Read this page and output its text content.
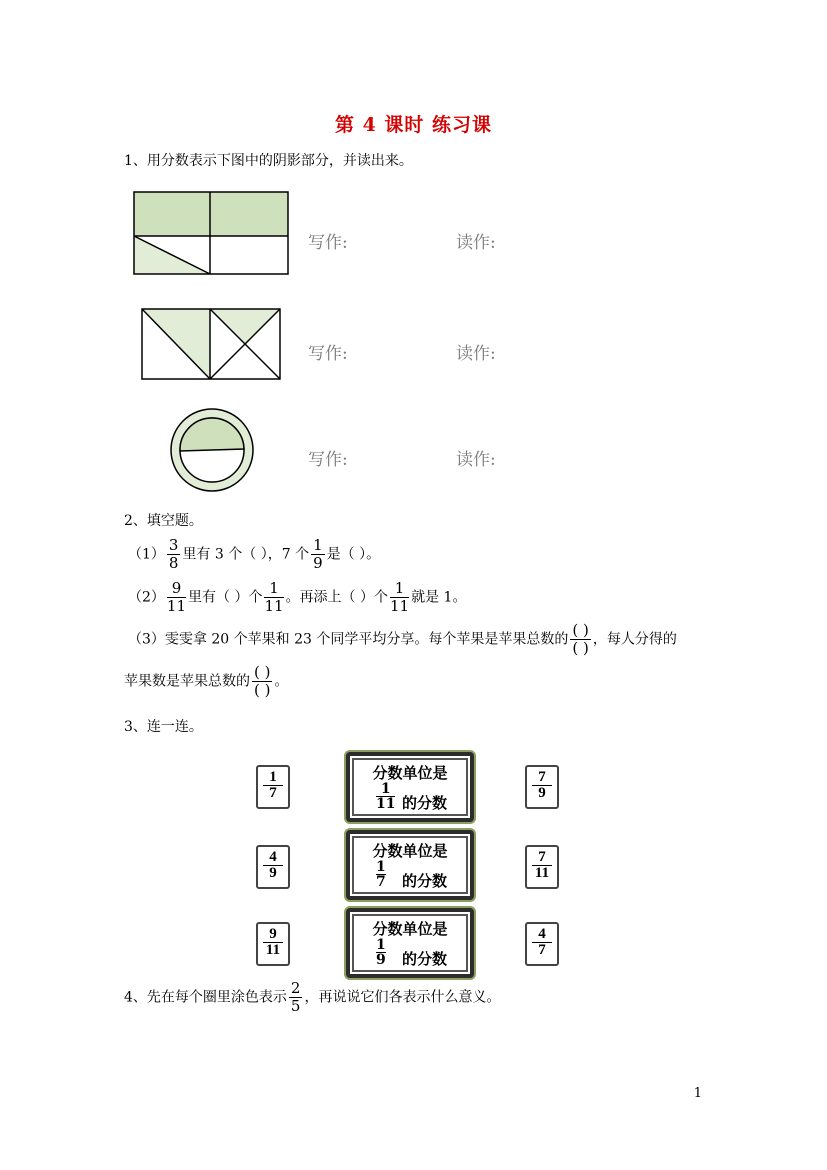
第 4 课时 练习课
1、用分数表示下图中的阴影部分，并读出来。
写作:	读作:
写作:	读作:
写作:	读作:
2、填空题。
$(1) \frac{3}{8}$ 里有 3 个（ ），7 个 $\frac{1}{9}$ 是（ ）。
$(2) \frac{9}{11}$ 里有（ ）个 $\frac{1}{11}$ 。再添上（ ）个 $\frac{1}{11}$ 就是 1。
（3）雯雯拿 20 个苹果和 23 个同学平均分享。每个苹果是苹果总数的 $\frac{( )}{( )}$ ，每人分得的
苹果数是苹果总数的 $\frac{( )}{( )}$ 。
3、连一连。
1
7
4
9
9
11
分数单位是
1
11 的分数
分数单位是
1
7 的分数
分数单位是
1
9 的分数
7
9
7
11
4
7
4、先在每个圈里涂色表示 $\frac{2}{5}$ ，再说说它们各表示什么意义。
1
